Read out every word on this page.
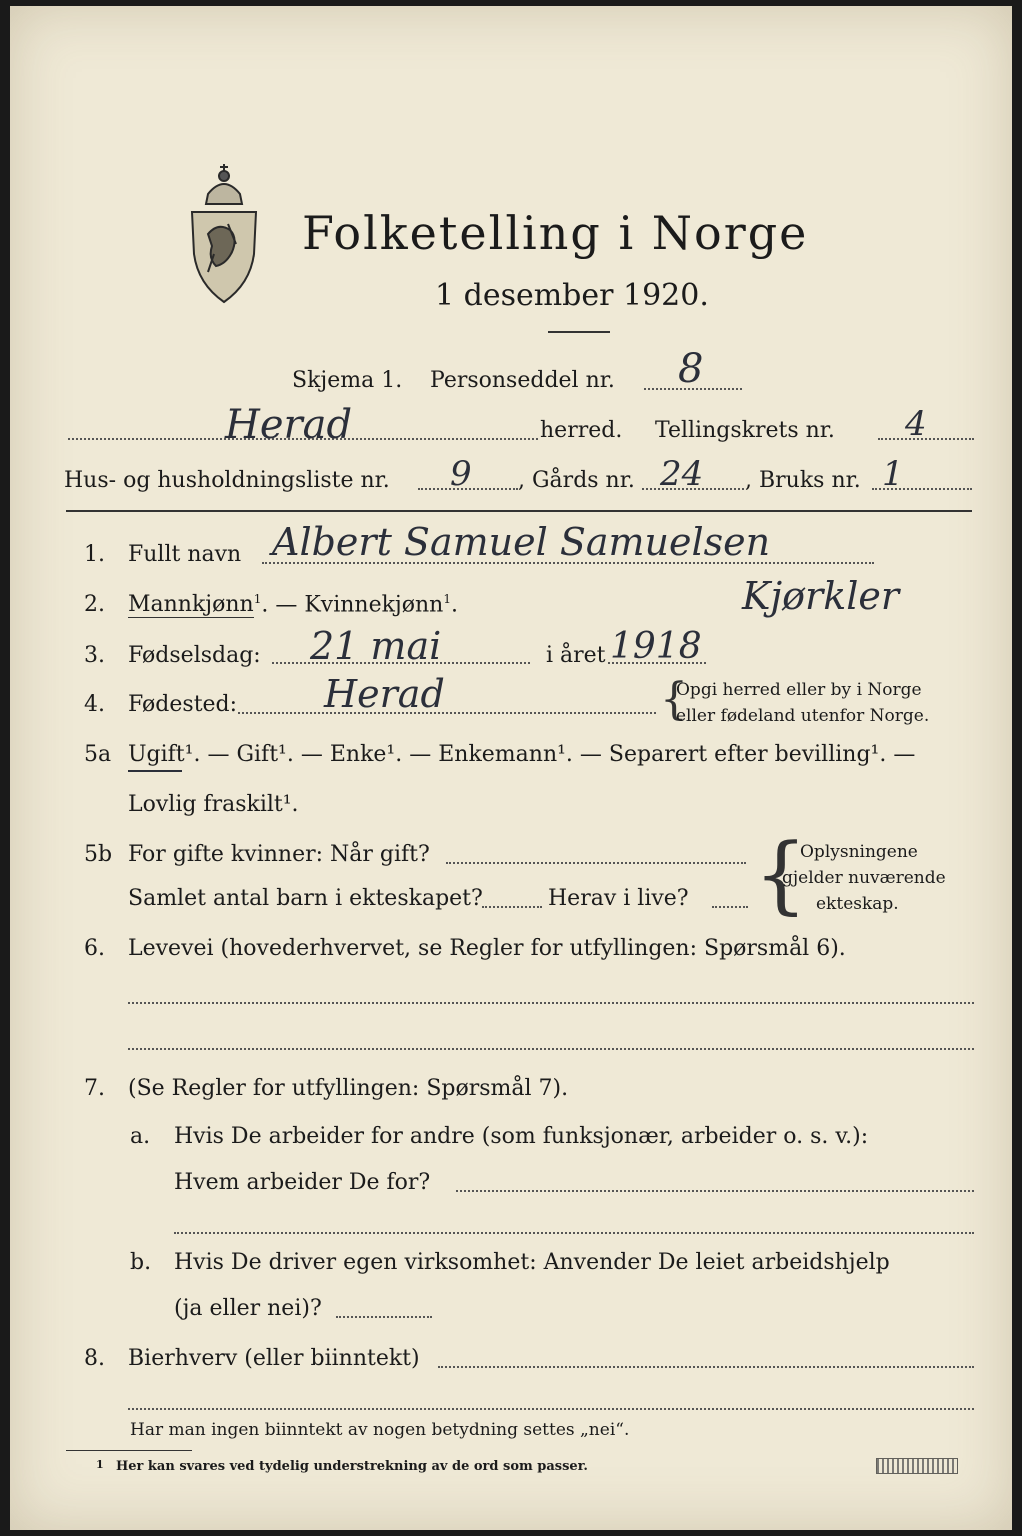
Folketelling i Norge
1 desember 1920.
Skjema 1. Personseddel nr. 8
Herad	herred. Tellingskrets nr. 4
Hus- og husholdningsliste nr. 9 , Gårds nr. 24 , Bruks nr. 1
1. Fullt navn Albert Samuel Samuelsen
2. Mannkjønn$^1$. — Kvinnekjønn$^1$.	Kjørkler
3. Fødselsdag: 21 mai	i året 1918
4. Fødested: Herad	{
Opgi herred eller by i Norge
eller fødeland utenfor Norge.
5a Ugift¹. — Gift¹. — Enke¹. — Enkemann¹. — Separert efter bevilling¹. —
Lovlig fraskilt¹.
5b For gifte kvinner: Når gift?
Samlet antal barn i ekteskapet?	Herav i live? {
Oplysningene
gjelder nuværende
ekteskap.
6. Levevei (hovederhvervet, se Regler for utfyllingen: Spørsmål 6).
7. (Se Regler for utfyllingen: Spørsmål 7).
a. Hvis De arbeider for andre (som funksjonær, arbeider o. s. v.):
Hvem arbeider De for?
b. Hvis De driver egen virksomhet: Anvender De leiet arbeidshjelp
(ja eller nei)?
8. Bierhverv (eller biinntekt)
Har man ingen biinntekt av nogen betydning settes „nei“.
1 Her kan svares ved tydelig understrekning av de ord som passer.
